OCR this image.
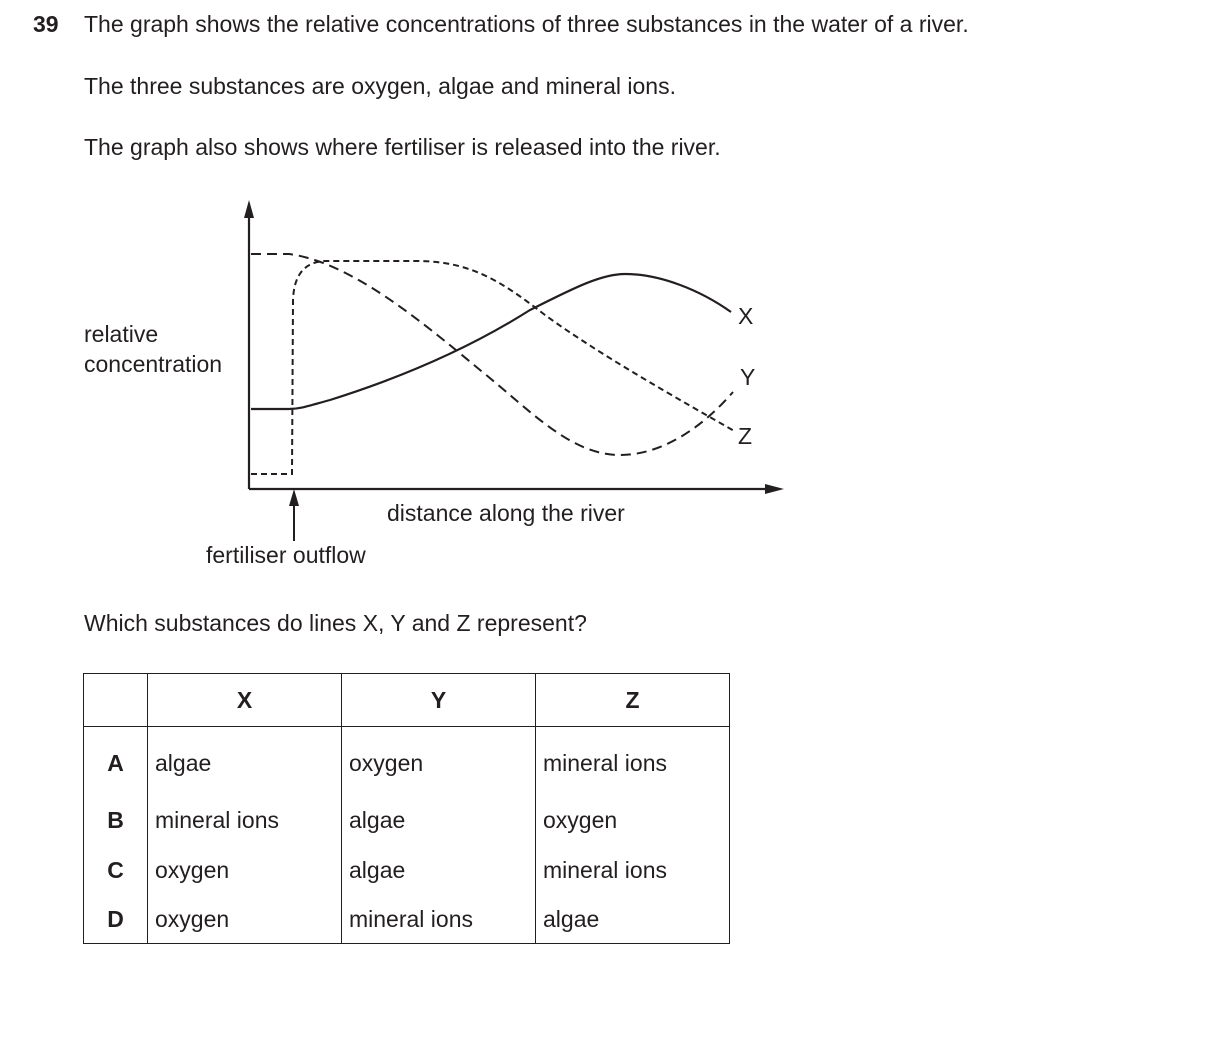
39 The graph shows the relative concentrations of three substances in the water of a river.
The three substances are oxygen, algae and mineral ions.
The graph also shows where fertiliser is released into the river.
relative
concentration
distance along the river
fertiliser outflow
X
Y
Z
Which substances do lines X, Y and Z represent?
	X	Y	Z
A	algae	oxygen	mineral ions
B	mineral ions	algae	oxygen
C	oxygen	algae	mineral ions
D	oxygen	mineral ions	algae
